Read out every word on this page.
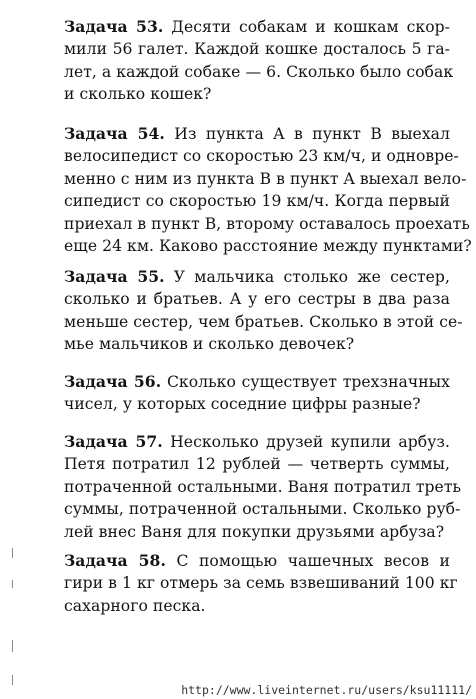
Задача 53. Десяти собакам и кошкам скор-
мили 56 галет. Каждой кошке досталось 5 га-
лет, а каждой собаке — 6. Сколько было собак
и сколько кошек?
Задача 54. Из пункта A в пункт B выехал
велосипедист со скоростью 23 км/ч, и одновре-
менно с ним из пункта B в пункт A выехал вело-
сипедист со скоростью 19 км/ч. Когда первый
приехал в пункт B, второму оставалось проехать
еще 24 км. Каково расстояние между пунктами?
Задача 55. У мальчика столько же сестер,
сколько и братьев. А у его сестры в два раза
меньше сестер, чем братьев. Сколько в этой се-
мье мальчиков и сколько девочек?
Задача 56. Сколько существует трехзначных
чисел, у которых соседние цифры разные?
Задача 57. Несколько друзей купили арбуз.
Петя потратил 12 рублей — четверть суммы,
потраченной остальными. Ваня потратил треть
суммы, потраченной остальными. Сколько руб-
лей внес Ваня для покупки друзьями арбуза?
Задача 58. С помощью чашечных весов и
гири в 1 кг отмерь за семь взвешиваний 100 кг
сахарного песка.
http://www.liveinternet.ru/users/ksu11111/
